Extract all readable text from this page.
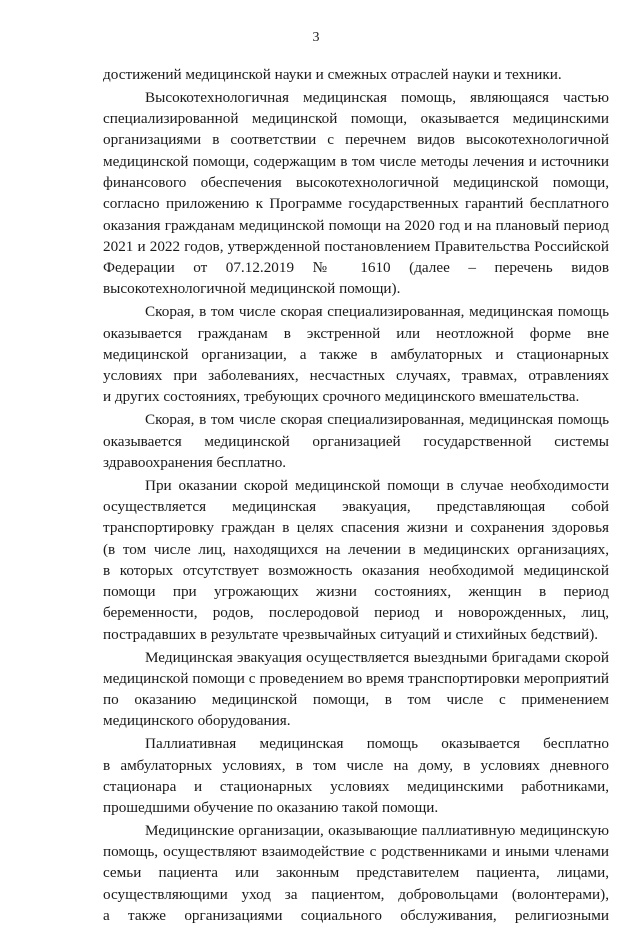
3
достижений медицинской науки и смежных отраслей науки и техники.
Высокотехнологичная медицинская помощь, являющаяся частью
специализированной медицинской помощи, оказывается медицинскими
организациями в соответствии с перечнем видов высокотехнологичной
медицинской помощи, содержащим в том числе методы лечения и источники
финансового обеспечения высокотехнологичной медицинской помощи,
согласно приложению к Программе государственных гарантий бесплатного
оказания гражданам медицинской помощи на 2020 год и на плановый период
2021 и 2022 годов, утвержденной постановлением Правительства Российской
Федерации от 07.12.2019 № 1610 (далее – перечень видов
высокотехнологичной медицинской помощи).
Скорая, в том числе скорая специализированная, медицинская помощь
оказывается гражданам в экстренной или неотложной форме вне
медицинской организации, а также в амбулаторных и стационарных
условиях при заболеваниях, несчастных случаях, травмах, отравлениях
и других состояниях, требующих срочного медицинского вмешательства.
Скорая, в том числе скорая специализированная, медицинская помощь
оказывается медицинской организацией государственной системы
здравоохранения бесплатно.
При оказании скорой медицинской помощи в случае необходимости
осуществляется медицинская эвакуация, представляющая собой
транспортировку граждан в целях спасения жизни и сохранения здоровья
(в том числе лиц, находящихся на лечении в медицинских организациях,
в которых отсутствует возможность оказания необходимой медицинской
помощи при угрожающих жизни состояниях, женщин в период
беременности, родов, послеродовой период и новорожденных, лиц,
пострадавших в результате чрезвычайных ситуаций и стихийных бедствий).
Медицинская эвакуация осуществляется выездными бригадами скорой
медицинской помощи с проведением во время транспортировки мероприятий
по оказанию медицинской помощи, в том числе с применением
медицинского оборудования.
Паллиативная медицинская помощь оказывается бесплатно
в амбулаторных условиях, в том числе на дому, в условиях дневного
стационара и стационарных условиях медицинскими работниками,
прошедшими обучение по оказанию такой помощи.
Медицинские организации, оказывающие паллиативную медицинскую
помощь, осуществляют взаимодействие с родственниками и иными членами
семьи пациента или законным представителем пациента, лицами,
осуществляющими уход за пациентом, добровольцами (волонтерами),
а также организациями социального обслуживания, религиозными
